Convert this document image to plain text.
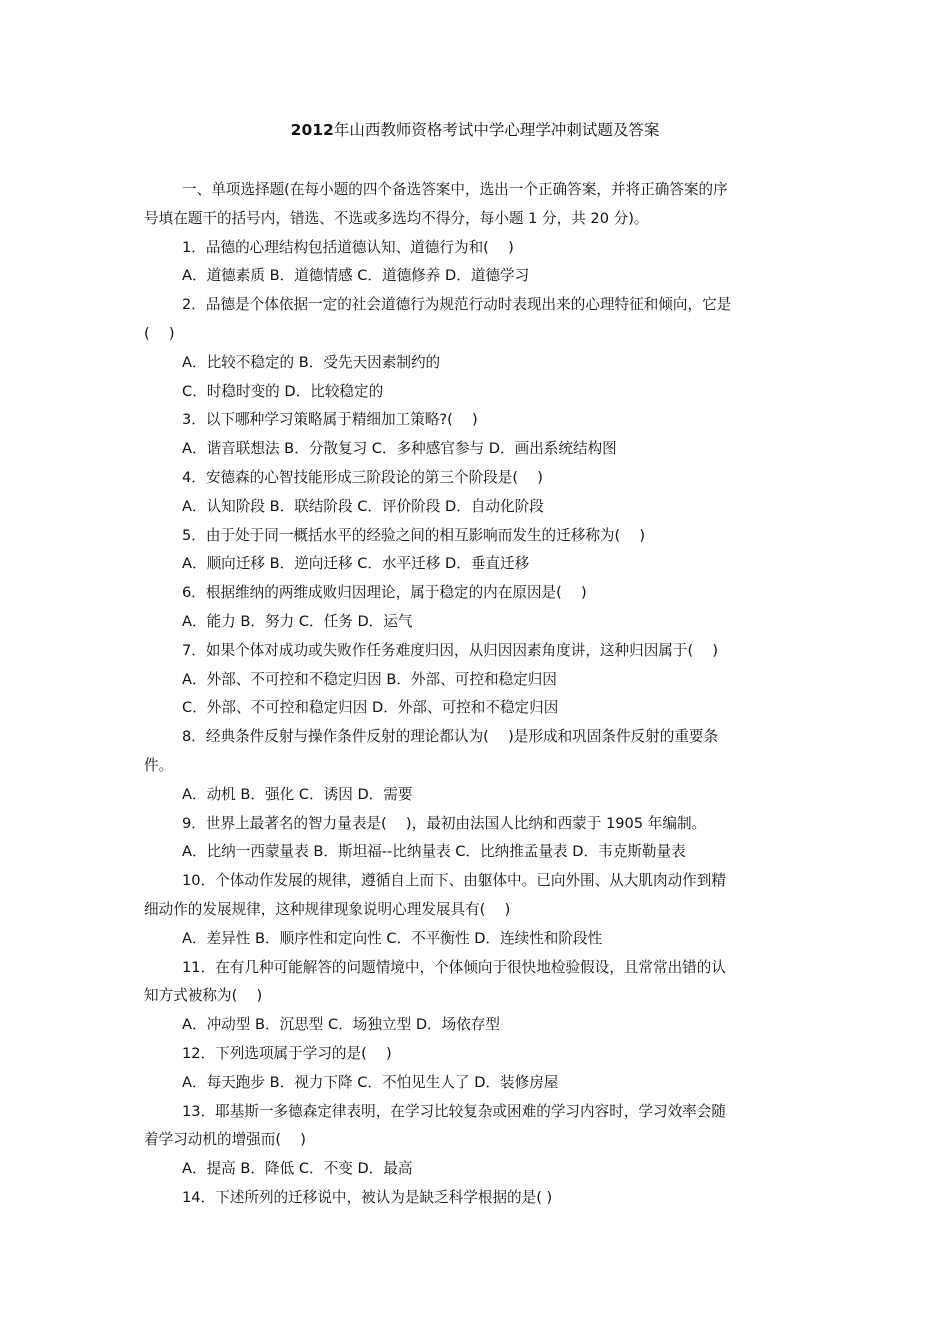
2012年山西教师资格考试中学心理学冲刺试题及答案

一、单项选择题(在每小题的四个备选答案中，选出一个正确答案，并将正确答案的序

号填在题干的括号内，错选、不选或多选均不得分，每小题 1 分，共 20 分)。

1．品德的心理结构包括道德认知、道德行为和(　 )

A．道德素质 B．道德情感 C．道德修养 D．道德学习

2．品德是个体依据一定的社会道德行为规范行动时表现出来的心理特征和倾向，它是

(　 )

A．比较不稳定的 B．受先天因素制约的

C．时稳时变的 D．比较稳定的

3．以下哪种学习策略属于精细加工策略?(　 )

A．谐音联想法 B．分散复习 C．多种感官参与 D．画出系统结构图

4．安德森的心智技能形成三阶段论的第三个阶段是(　 )

A．认知阶段 B．联结阶段 C．评价阶段 D．自动化阶段

5．由于处于同一概括水平的经验之间的相互影响而发生的迁移称为(　 )

A．顺向迁移 B．逆向迁移 C．水平迁移 D．垂直迁移

6．根据维纳的两维成败归因理论，属于稳定的内在原因是(　 )

A．能力 B．努力 C．任务 D．运气

7．如果个体对成功或失败作任务难度归因，从归因因素角度讲，这种归因属于(　 )

A．外部、不可控和不稳定归因 B．外部、可控和稳定归因

C．外部、不可控和稳定归因 D．外部、可控和不稳定归因

8．经典条件反射与操作条件反射的理论都认为(　 )是形成和巩固条件反射的重要条

件。

A．动机 B．强化 C．诱因 D．需要

9．世界上最著名的智力量表是(　 )，最初由法国人比纳和西蒙于 1905 年编制。

A．比纳一西蒙量表 B．斯坦福--比纳量表 C．比纳推孟量表 D．韦克斯勒量表

10．个体动作发展的规律，遵循自上而下、由躯体中。已向外围、从大肌肉动作到精

细动作的发展规律，这种规律现象说明心理发展具有(　 )

A．差异性 B．顺序性和定向性 C．不平衡性 D．连续性和阶段性

11．在有几种可能解答的问题情境中，个体倾向于很快地检验假设，且常常出错的认

知方式被称为(　 )

A．冲动型 B．沉思型 C．场独立型 D．场依存型

12．下列选项属于学习的是(　 )

A．每天跑步 B．视力下降 C．不怕见生人了 D．装修房屋

13．耶基斯一多德森定律表明，在学习比较复杂或困难的学习内容时，学习效率会随

着学习动机的增强而(　 )

A．提高 B．降低 C．不变 D．最高

14．下述所列的迁移说中，被认为是缺乏科学根据的是( )
